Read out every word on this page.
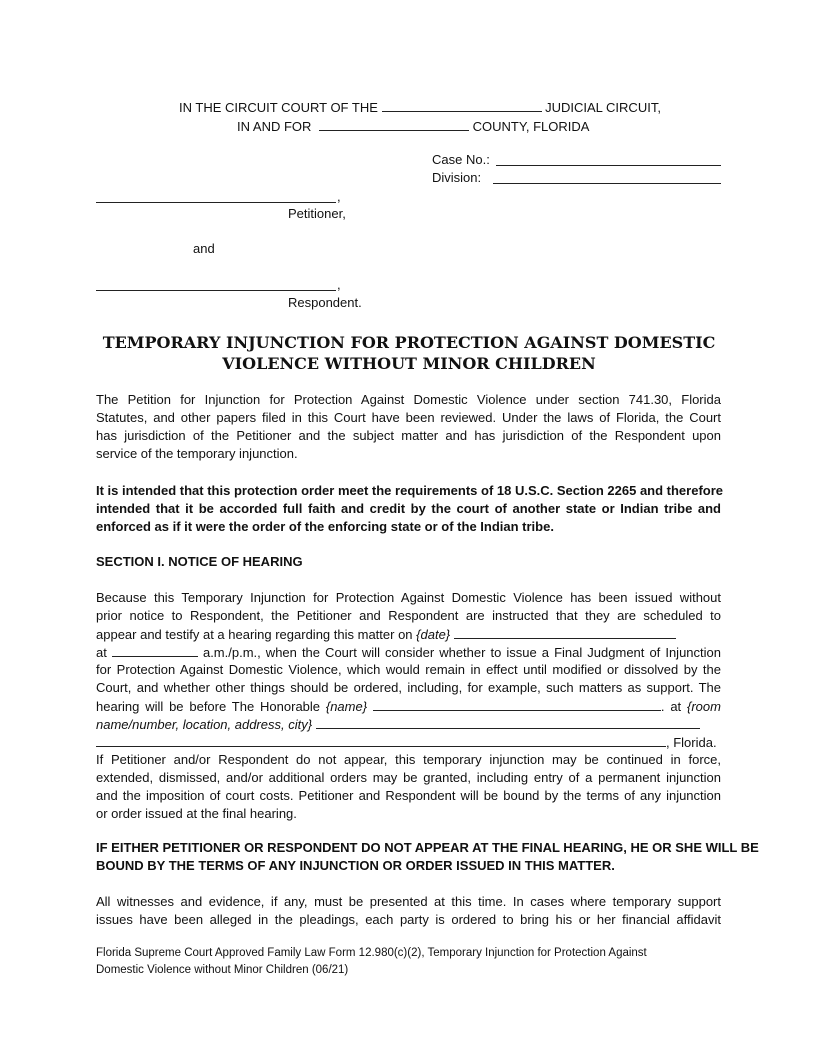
IN THE CIRCUIT COURT OF THE	JUDICIAL CIRCUIT,
IN AND FOR	COUNTY, FLORIDA
Case No.:
Division:
,
Petitioner,
and
,
Respondent.
TEMPORARY INJUNCTION FOR PROTECTION AGAINST DOMESTIC
VIOLENCE WITHOUT MINOR CHILDREN
The Petition for Injunction for Protection Against Domestic Violence under section 741.30, Florida
Statutes, and other papers filed in this Court have been reviewed. Under the laws of Florida, the Court
has jurisdiction of the Petitioner and the subject matter and has jurisdiction of the Respondent upon
service of the temporary injunction.
It is intended that this protection order meet the requirements of 18 U.S.C. Section 2265 and therefore
intended that it be accorded full faith and credit by the court of another state or Indian tribe and
enforced as if it were the order of the enforcing state or of the Indian tribe.
SECTION I. NOTICE OF HEARING
Because this Temporary Injunction for Protection Against Domestic Violence has been issued without
prior notice to Respondent, the Petitioner and Respondent are instructed that they are scheduled to
appear and testify at a hearing regarding this matter on {date}
at	a.m./p.m., when the Court will consider whether to issue a Final Judgment of Injunction
for Protection Against Domestic Violence, which would remain in effect until modified or dissolved by the
Court, and whether other things should be ordered, including, for example, such matters as support. The
hearing will be before The Honorable {name}	. at {room
name/number, location, address, city}
, Florida.
If Petitioner and/or Respondent do not appear, this temporary injunction may be continued in force,
extended, dismissed, and/or additional orders may be granted, including entry of a permanent injunction
and the imposition of court costs. Petitioner and Respondent will be bound by the terms of any injunction
or order issued at the final hearing.
IF EITHER PETITIONER OR RESPONDENT DO NOT APPEAR AT THE FINAL HEARING, HE OR SHE WILL BE
BOUND BY THE TERMS OF ANY INJUNCTION OR ORDER ISSUED IN THIS MATTER.
All witnesses and evidence, if any, must be presented at this time. In cases where temporary support
issues have been alleged in the pleadings, each party is ordered to bring his or her financial affidavit
Florida Supreme Court Approved Family Law Form 12.980(c)(2), Temporary Injunction for Protection Against
Domestic Violence without Minor Children (06/21)
